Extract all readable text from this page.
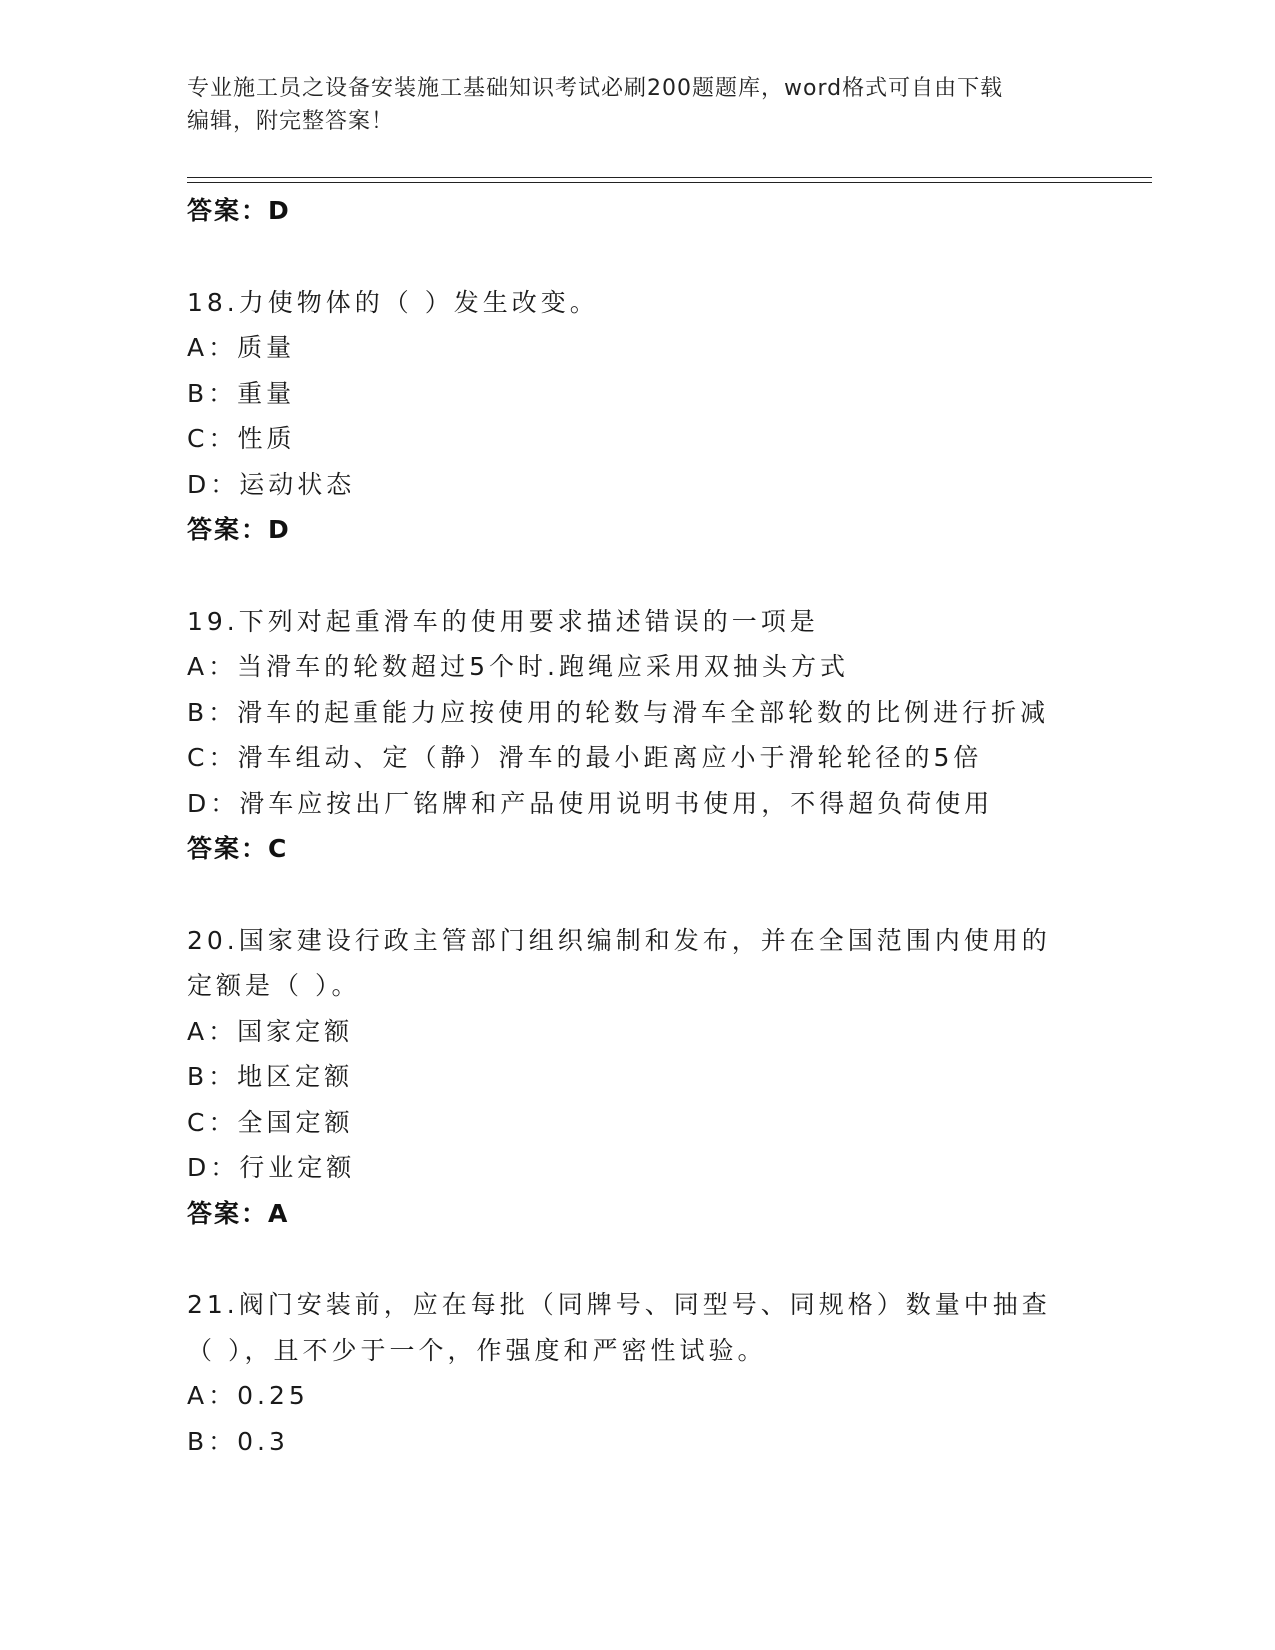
专业施工员之设备安装施工基础知识考试必刷200题题库，word格式可自由下载
编辑，附完整答案！
答案：D
18.力使物体的（ ）发生改变。
A：质量
B：重量
C：性质
D：运动状态
答案：D
19.下列对起重滑车的使用要求描述错误的一项是
A：当滑车的轮数超过5个时.跑绳应采用双抽头方式
B：滑车的起重能力应按使用的轮数与滑车全部轮数的比例进行折减
C：滑车组动、定（静）滑车的最小距离应小于滑轮轮径的5倍
D：滑车应按出厂铭牌和产品使用说明书使用，不得超负荷使用
答案：C
20.国家建设行政主管部门组织编制和发布，并在全国范围内使用的定额是（ ）。
A：国家定额
B：地区定额
C：全国定额
D：行业定额
答案：A
21.阀门安装前，应在每批（同牌号、同型号、同规格）数量中抽查（ ），且不少于一个，作强度和严密性试验。
A：0.25
B：0.3
